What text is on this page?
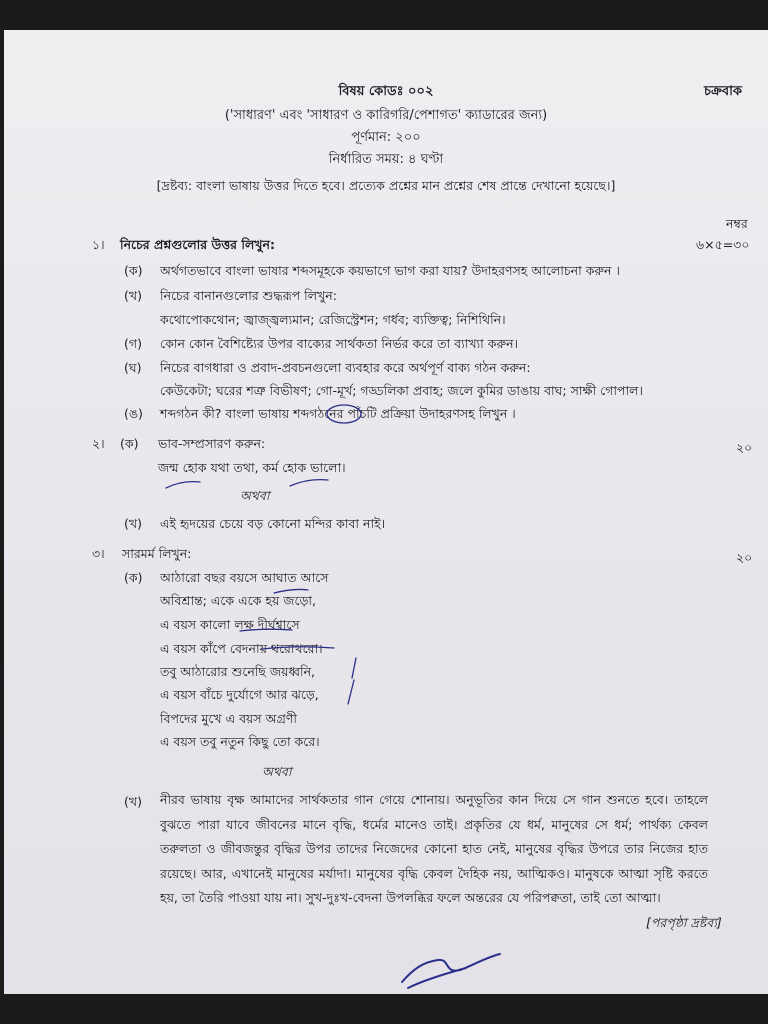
বিষয় কোডঃ ০০২	চক্রবাক
('সাধারণ' এবং 'সাধারণ ও কারিগরি/পেশাগত' ক্যাডারের জন্য)
পূর্ণমান: ২০০
নির্ধারিত সময়: ৪ ঘণ্টা
[দ্রষ্টব্য: বাংলা ভাষায় উত্তর দিতে হবে। প্রত্যেক প্রশ্নের মান প্রশ্নের শেষ প্রান্তে দেখানো হয়েছে।]
নম্বর
১। নিচের প্রশ্নগুলোর উত্তর লিখুন:	৬×৫=৩০
(ক) অর্থগতভাবে বাংলা ভাষার শব্দসমূহকে কয়ভাগে ভাগ করা যায়? উদাহরণসহ আলোচনা করুন ।
(খ) নিচের বানানগুলোর শুদ্ধরূপ লিখুন:
কথোপোকথোন; জ্বাজ্জ্বল্যমান; রেজিস্ট্রেশন; গর্ধব; ব্যক্তিত্ব; নিশিথিনি।
(গ) কোন কোন বৈশিষ্ট্যের উপর বাক্যের সার্থকতা নির্ভর করে তা ব্যাখ্যা করুন।
(ঘ) নিচের বাগধারা ও প্রবাদ-প্রবচনগুলো ব্যবহার করে অর্থপূর্ণ বাক্য গঠন করুন:
কেউকেটা; ঘরের শত্রু বিভীষণ; গো-মূর্খ; গড্ডলিকা প্রবাহ; জলে কুমির ডাঙায় বাঘ; সাক্ষী গোপাল।
(ঙ) শব্দগঠন কী? বাংলা ভাষায় শব্দগঠনের পাঁচটি প্রক্রিয়া উদাহরণসহ লিখুন ।
২। (ক) ভাব-সম্প্রসারণ করুন:	২০
জন্ম হোক যথা তথা, কর্ম হোক ভালো।
অথবা
(খ) এই হৃদয়ের চেয়ে বড় কোনো মন্দির কাবা নাই।
৩। সারমর্ম লিখুন:	২০
(ক) আঠারো বছর বয়সে আঘাত আসে
অবিশ্রান্ত; একে একে হয় জড়ো,
এ বয়স কালো লক্ষ দীর্ঘশ্বাসে
এ বয়স কাঁপে বেদনায় থরোথরো।
তবু আঠারোর শুনেছি জয়ধ্বনি,
এ বয়স বাঁচে দুর্যোগে আর ঝড়ে,
বিপদের মুখে এ বয়স অগ্রণী
এ বয়স তবু নতুন কিছু তো করে।
অথবা
(খ) নীরব ভাষায় বৃক্ষ আমাদের সার্থকতার গান গেয়ে শোনায়। অনুভূতির কান দিয়ে সে গান শুনতে হবে। তাহলে বুঝতে পারা যাবে জীবনের মানে বৃদ্ধি, ধর্মের মানেও তাই। প্রকৃতির যে ধর্ম, মানুষের সে ধর্ম; পার্থক্য কেবল তরুলতা ও জীবজন্তুর বৃদ্ধির উপর তাদের নিজেদের কোনো হাত নেই, মানুষের বৃদ্ধির উপরে তার নিজের হাত রয়েছে। আর, এখানেই মানুষের মর্যাদা। মানুষের বৃদ্ধি কেবল দৈহিক নয়, আত্মিকও। মানুষকে আত্মা সৃষ্টি করতে হয়, তা তৈরি পাওয়া যায় না। সুখ-দুঃখ-বেদনা উপলব্ধির ফলে অন্তরের যে পরিপক্বতা, তাই তো আত্মা।
[পরপৃষ্ঠা দ্রষ্টব্য]
